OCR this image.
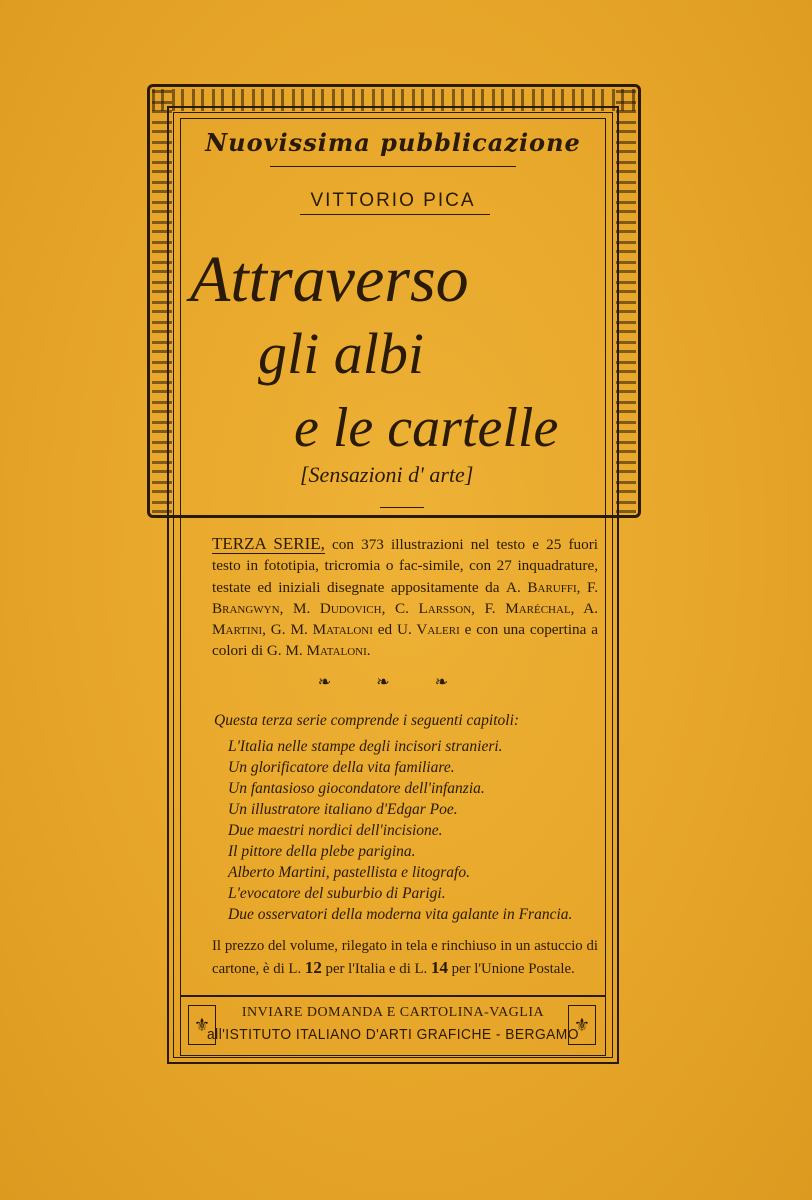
Nuovissima pubblicazione
VITTORIO PICA
Attraverso
gli albi
e le cartelle
[Sensazioni d' arte]
TERZA SERIE, con 373 illustrazioni nel testo e 25 fuori testo in fototipia, tricromia o fac-simile, con 27 inquadrature, testate ed iniziali disegnate appositamente da A. Baruffi, F. Brangwyn, M. Dudovich, C. Larsson, F. Maréchal, A. Martini, G. M. Mataloni ed U. Valeri e con una copertina a colori di G. M. Mataloni.
❧ ❧ ❧
Questa terza serie comprende i seguenti capitoli:
L'Italia nelle stampe degli incisori stranieri.
Un glorificatore della vita familiare.
Un fantasioso giocondatore dell'infanzia.
Un illustratore italiano d'Edgar Poe.
Due maestri nordici dell'incisione.
Il pittore della plebe parigina.
Alberto Martini, pastellista e litografo.
L'evocatore del suburbio di Parigi.
Due osservatori della moderna vita galante in Francia.
Il prezzo del volume, rilegato in tela e rinchiuso in un astuccio di cartone, è di L. 12 per l'Italia e di L. 14 per l'Unione Postale.
⚜	⚜
INVIARE DOMANDA E CARTOLINA-VAGLIA
all'ISTITUTO ITALIANO D'ARTI GRAFICHE - BERGAMO
